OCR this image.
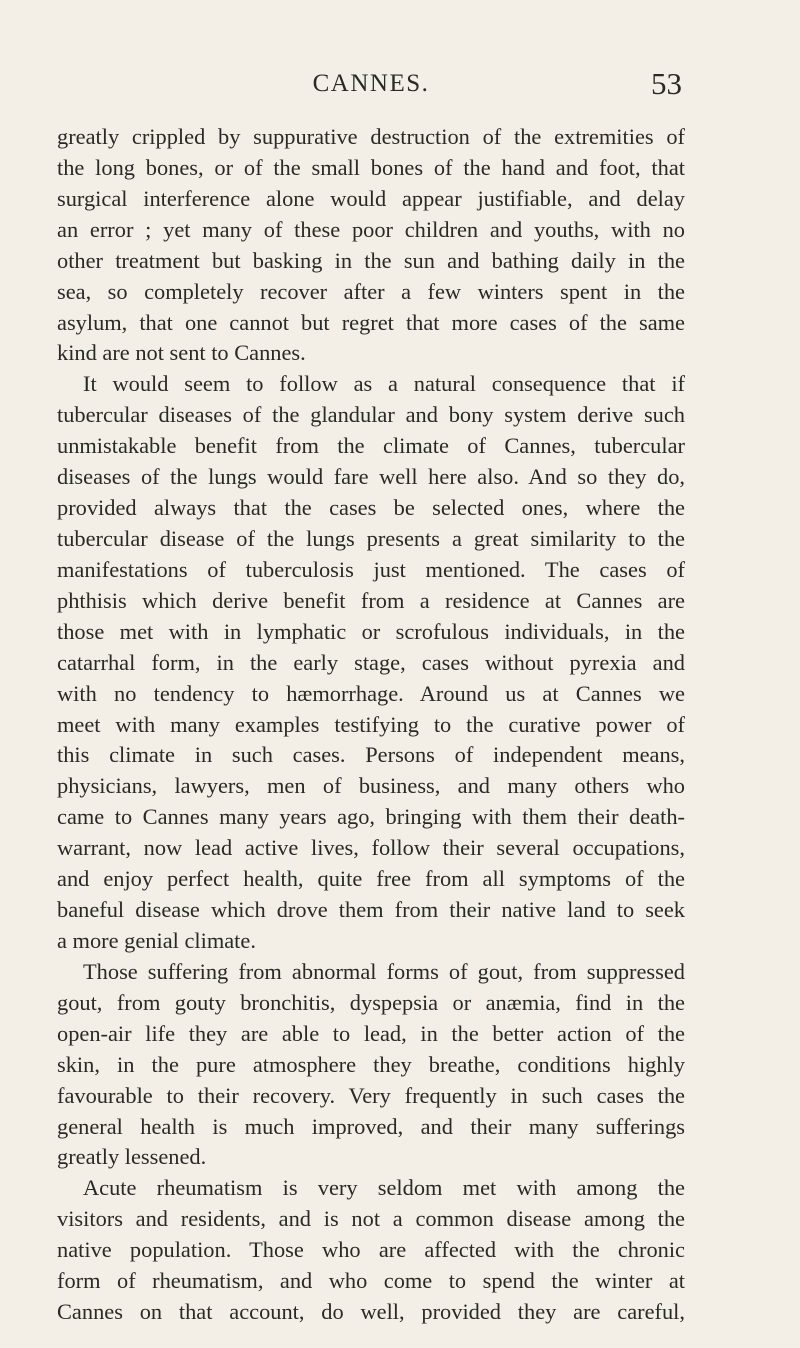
CANNES.	53
greatly crippled by suppurative destruction of the extremities of
the long bones, or of the small bones of the hand and foot, that
surgical interference alone would appear justifiable, and delay
an error ; yet many of these poor children and youths, with no
other treatment but basking in the sun and bathing daily in the
sea, so completely recover after a few winters spent in the
asylum, that one cannot but regret that more cases of the same
kind are not sent to Cannes.
It would seem to follow as a natural consequence that if
tubercular diseases of the glandular and bony system derive such
unmistakable benefit from the climate of Cannes, tubercular
diseases of the lungs would fare well here also. And so they do,
provided always that the cases be selected ones, where the
tubercular disease of the lungs presents a great similarity to the
manifestations of tuberculosis just mentioned. The cases of
phthisis which derive benefit from a residence at Cannes are
those met with in lymphatic or scrofulous individuals, in the
catarrhal form, in the early stage, cases without pyrexia and
with no tendency to hæmorrhage. Around us at Cannes we
meet with many examples testifying to the curative power of
this climate in such cases. Persons of independent means,
physicians, lawyers, men of business, and many others who
came to Cannes many years ago, bringing with them their death-
warrant, now lead active lives, follow their several occupations,
and enjoy perfect health, quite free from all symptoms of the
baneful disease which drove them from their native land to seek
a more genial climate.
Those suffering from abnormal forms of gout, from suppressed
gout, from gouty bronchitis, dyspepsia or anæmia, find in the
open-air life they are able to lead, in the better action of the
skin, in the pure atmosphere they breathe, conditions highly
favourable to their recovery. Very frequently in such cases the
general health is much improved, and their many sufferings
greatly lessened.
Acute rheumatism is very seldom met with among the
visitors and residents, and is not a common disease among the
native population. Those who are affected with the chronic
form of rheumatism, and who come to spend the winter at
Cannes on that account, do well, provided they are careful,
